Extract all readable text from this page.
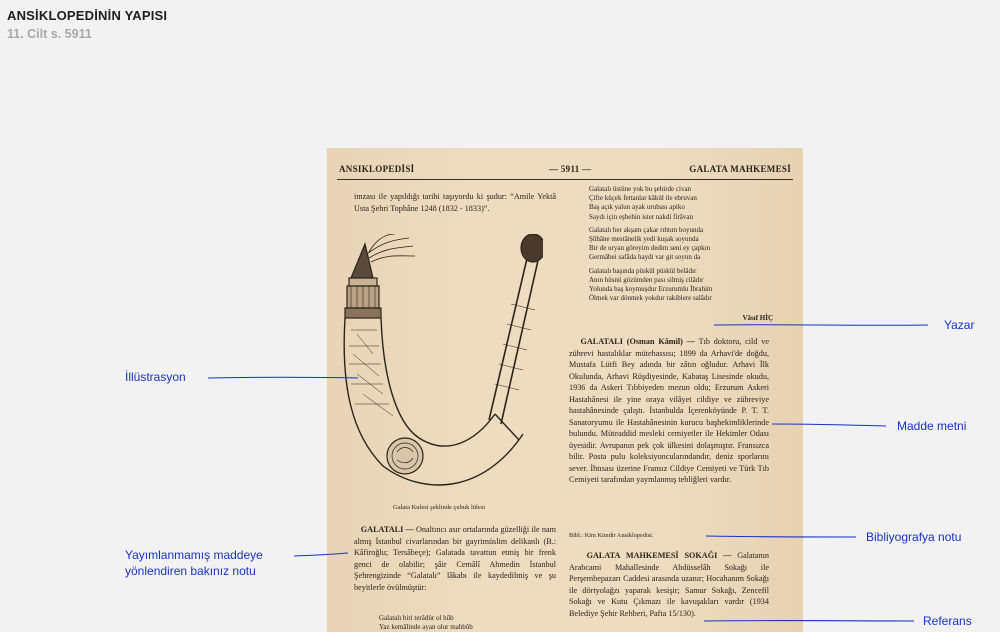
ANSİKLOPEDİNİN YAPISI
11. Cilt s. 5911
ANSIKLOPEDİSİ	— 5911 —	GALATA MAHKEMESİ

imzası ile yapıldığı tarihi taşıyordu ki şudur: “Amile Yektâ Usta Şehri Tophâne 1248 (1832 - 1833)”.

Galata Kulesi şeklinde çubuk lülesi

GALATALI — Onaltıncı asır ortalarında güzelliği ile nam almış İstanbul civarlarından bir gayrimüslim delikanlı (B.: Kâfiroğlu; Tersâbeçe); Galatada tavattun etmiş bir frenk genci de olabilir; şâir Cemâlî Ahmedin İstanbul Şehrengizinde “Galatalı” lâkabı ile kaydedilmiş ve şu beyitlerle övülmüştür:

Galatalı biri terâdür ol hûb
Yaz kemâlinde ayan olur mahbûb

Galatalı üstüne yok bu şehirde civan
Çifte küçek fettanlar kâkül ile ebruvan
Baş açık yalun ayak urubası apiko
Saydı için eşbehin ister nakdi firâvan

Galatalı her akşam çakar rıhtım boyunda
Şûhâne mestânelik yedi kuşak soyunda
Bir de uryan göreyim dedim seni ey çapkın
Germâbei safâda haydi var git soyun da

Galatalı başında püskül püskül belâdır
Anın hüsnü gözümden pası silmiş cilâdır
Yolunda baş koymuşdur Erzurumlu İbrahim
Ölmek var dönmek yokdur rakiblere salâdır

Vâsıf HİÇ

GALATALI (Osman Kâmil) — Tıb doktoru, cild ve zührevi hastalıklar mütehassısı; 1899 da Arhavi'de doğdu, Mustafa Lütfi Bey adında bir zâtın oğludur. Arhavi İlk Okulunda, Arhavi Rüşdiyesinde, Kabataş Lisesinde okudu, 1936 da Askeri Tıbbiyeden mezun oldu; Erzurum Askeri Hastahânesi ile yine oraya vilâyet cildiye ve zühreviye hastahânesinde çalıştı. İstanbulda İçerenköyünde P. T. T. Sanatoryumu ile Hastahânesinin kurucu başhekimliklerinde bulundu. Müteaddid mesleki cemiyetler ile Hekimler Odası üyesidir. Avrupanın pek çok ülkesini dolaşmıştır. Fransızca bilir. Posta pulu koleksiyoncularındandır, deniz sporlarını sever. İhtısası üzerine Fransız Cildiye Cemiyeti ve Türk Tıb Cemiyeti tarafından yaymlanmış tebliğleri vardır.

Bibl.: Kim Kimdir Ansiklopedisi.

GALATA MAHKEMESİ SOKAĞI — Galatanın Arabcami Mahallesinde Abdüsselâh Sokağı ile Perşembepazarı Caddesi arasında uzanır; Hocahanım Sokağı ile dörtyolağzı yaparak kesişir; Samur Sokağı, Zencefil Sokağı ve Kutu Çıkmazı ile kavuşakları vardır (1934 Belediye Şehir Rehberi, Pafta 15/130).

Yazar
İllüstrasyon
Madde metni
Bibliyografya notu
Yayımlanmamış maddeye
yönlendiren bakınız notu
Referans
